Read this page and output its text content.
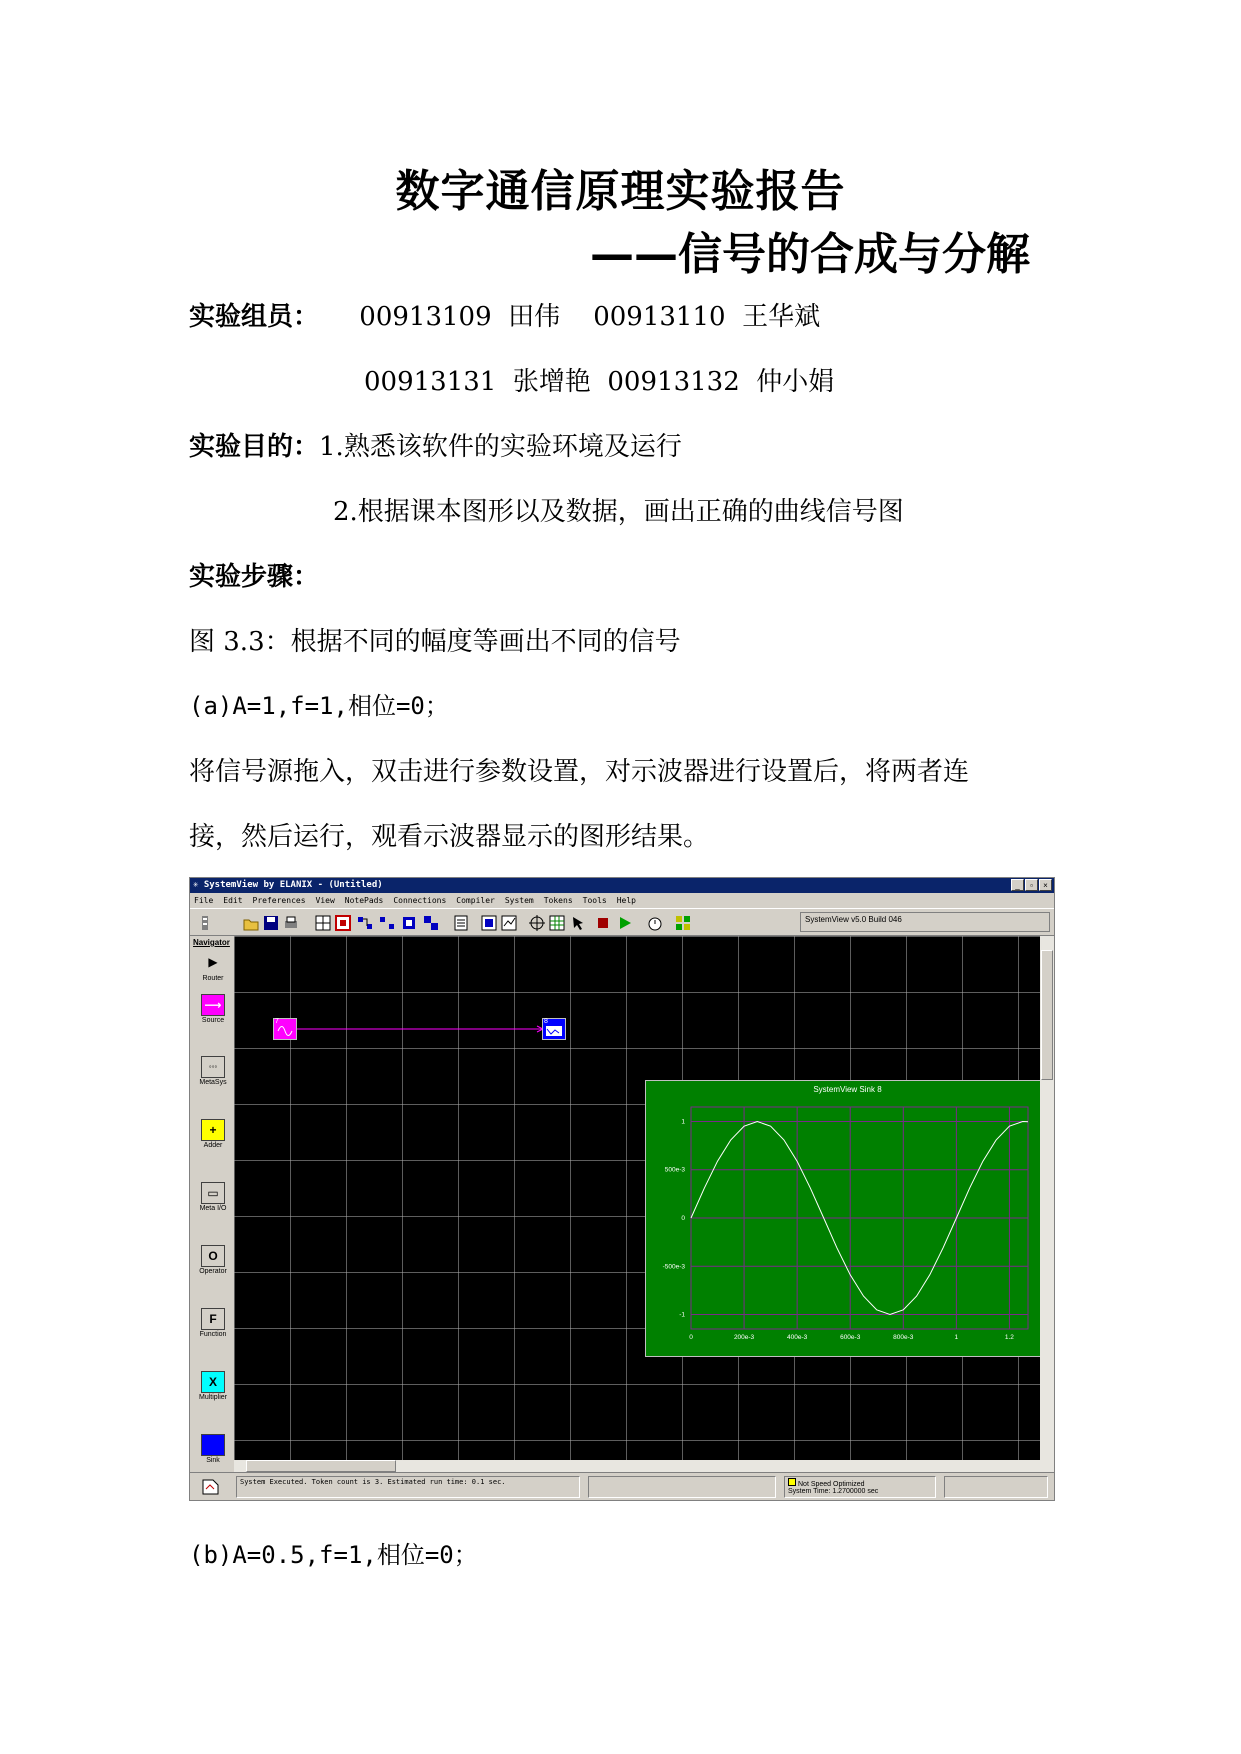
数字通信原理实验报告
——信号的合成与分解
实验组员： 00913109  田伟    00913110  王华斌
00913131  张增艳  00913132  仲小娟
实验目的：1.熟悉该软件的实验环境及运行
2.根据课本图形以及数据，画出正确的曲线信号图
实验步骤：
图 3.3：根据不同的幅度等画出不同的信号
(a)A=1,f=1,相位=0；
将信号源拖入，双击进行参数设置，对示波器进行设置后，将两者连
接，然后运行，观看示波器显示的图形结果。
✳ SystemView by ELANIX - (Untitled)	_	▫	×
File Edit Preferences View NotePads Connections Compiler System Tokens Tools Help
SystemView v5.0 Build 046
Navigator
▶
Router
⟶
Source
◦◦◦
MetaSys
+
Adder
▭
Meta I/O
O
Operator
F
Function
X
Multiplier
▬
Sink
7	8
SystemView Sink 8
0	200e-3	400e-3	600e-3	800e-3	1	1.2
1
500e-3
0
-500e-3
-1
System Executed. Token count is 3. Estimated run time: 0.1 sec.	Not Speed Optimized
System Time: 1.2700000 sec
(b)A=0.5,f=1,相位=0；
